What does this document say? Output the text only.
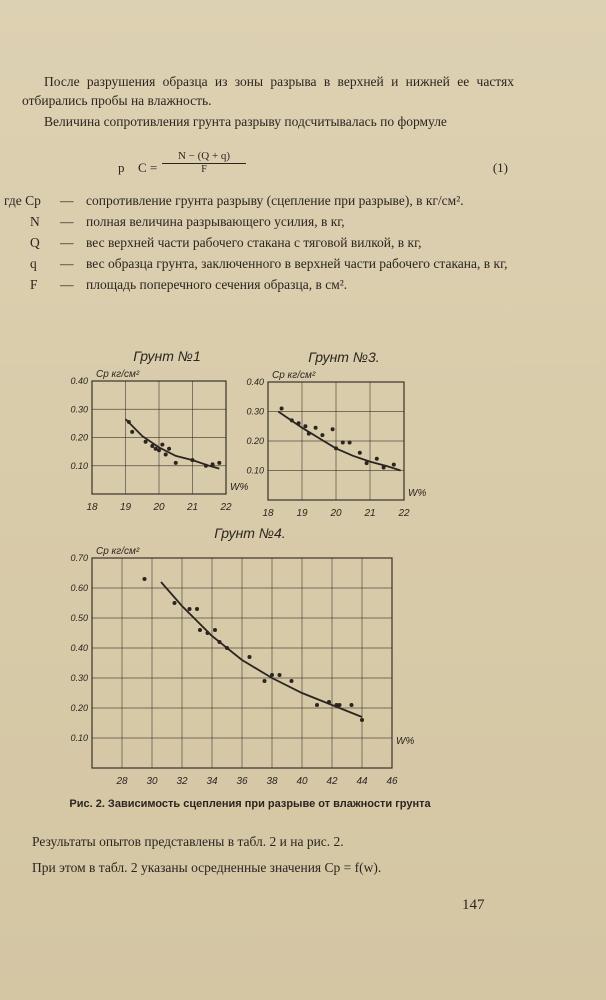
После разрушения образца из зоны разрыва в верхней и нижней ее частях отбирались пробы на влажность.
Величина сопротивления грунта разрыву подсчитывалась по формуле
p $C = \frac{N - (Q + q)}{F}$	(1)
где Cp — сопротивление грунта разрыву (сцепление при разрыве), в кг/см².
N — полная величина разрывающего усилия, в кг,
Q — вес верхней части рабочего стакана с тяговой вилкой, в кг,
q — вес образца грунта, заключенного в верхней части рабочего стакана, в кг,
F — площадь поперечного сечения образца, в см².
0.10
0.20
0.30
0.40
18 19 20 21 22
Грунт №1
Cp кг/см²
W%
0.10
0.20
0.30
0.40
18 19 20 21 22
Грунт №3.
Cp кг/см²
W%
0.10
0.20
0.30
0.40
0.50
0.60
0.70
28 30 32 34 36 38 40 42 44 46
Грунт №4.
Cp кг/см²
W%
Рис. 2. Зависимость сцепления при разрыве от влажности грунта
Результаты опытов представлены в табл. 2 и на рис. 2.
При этом в табл. 2 указаны осредненные значения Cp = f(w).
147
